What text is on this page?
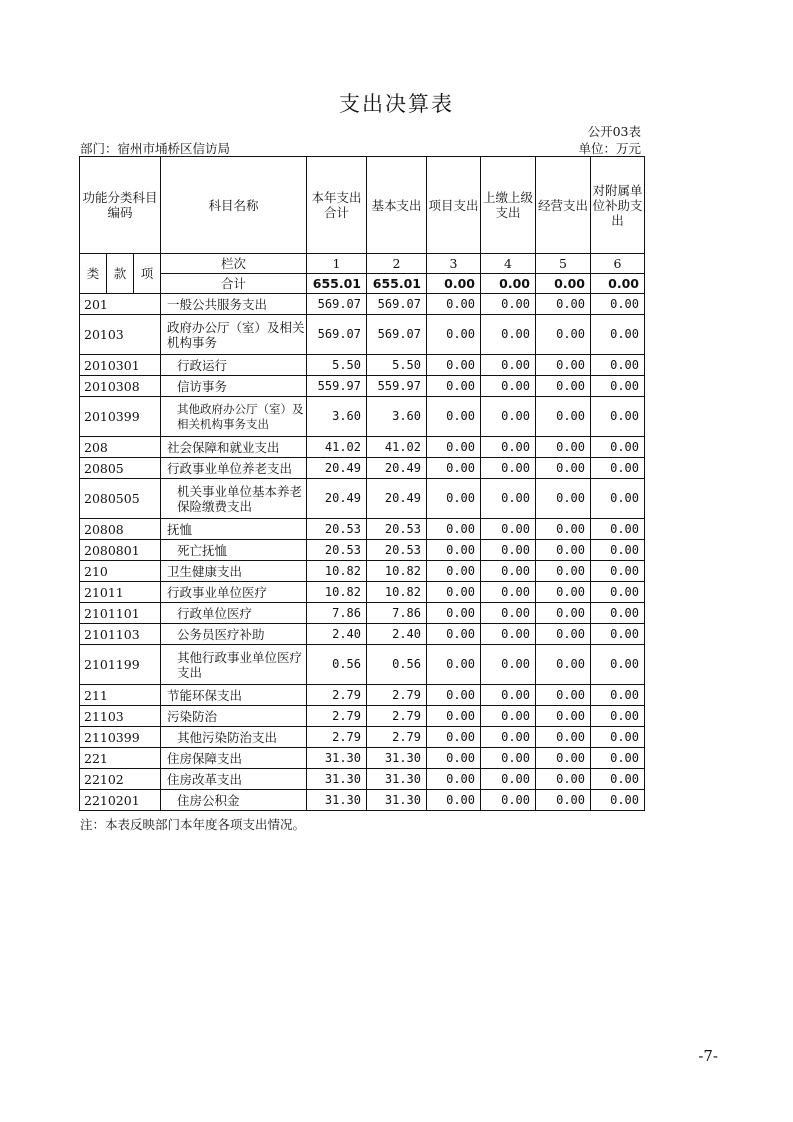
支出决算表
公开03表
部门：宿州市埇桥区信访局	单位：万元
功能分类科目编码			科目名称	本年支出合计	基本支出	项目支出	上缴上级支出	经营支出	对附属单位补助支出
类	款	项	栏次	1	2	3	4	5	6
			合计	655.01	655.01	0.00	0.00	0.00	0.00
201			一般公共服务支出	569.07	569.07	0.00	0.00	0.00	0.00
20103			政府办公厅（室）及相关机构事务	569.07	569.07	0.00	0.00	0.00	0.00
2010301			行政运行	5.50	5.50	0.00	0.00	0.00	0.00
2010308			信访事务	559.97	559.97	0.00	0.00	0.00	0.00
2010399			其他政府办公厅（室）及相关机构事务支出	3.60	3.60	0.00	0.00	0.00	0.00
208			社会保障和就业支出	41.02	41.02	0.00	0.00	0.00	0.00
20805			行政事业单位养老支出	20.49	20.49	0.00	0.00	0.00	0.00
2080505			机关事业单位基本养老保险缴费支出	20.49	20.49	0.00	0.00	0.00	0.00
20808			抚恤	20.53	20.53	0.00	0.00	0.00	0.00
2080801			死亡抚恤	20.53	20.53	0.00	0.00	0.00	0.00
210			卫生健康支出	10.82	10.82	0.00	0.00	0.00	0.00
21011			行政事业单位医疗	10.82	10.82	0.00	0.00	0.00	0.00
2101101			行政单位医疗	7.86	7.86	0.00	0.00	0.00	0.00
2101103			公务员医疗补助	2.40	2.40	0.00	0.00	0.00	0.00
2101199			其他行政事业单位医疗支出	0.56	0.56	0.00	0.00	0.00	0.00
211			节能环保支出	2.79	2.79	0.00	0.00	0.00	0.00
21103			污染防治	2.79	2.79	0.00	0.00	0.00	0.00
2110399			其他污染防治支出	2.79	2.79	0.00	0.00	0.00	0.00
221			住房保障支出	31.30	31.30	0.00	0.00	0.00	0.00
22102			住房改革支出	31.30	31.30	0.00	0.00	0.00	0.00
2210201			住房公积金	31.30	31.30	0.00	0.00	0.00	0.00
注：本表反映部门本年度各项支出情况。
-7-
